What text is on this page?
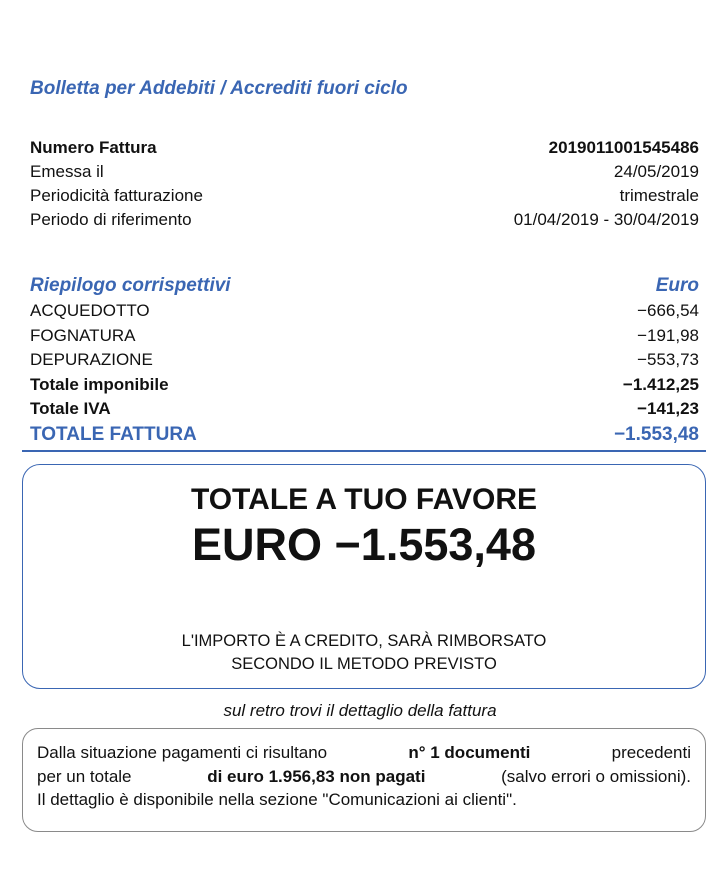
Bolletta per Addebiti / Accrediti fuori ciclo
Numero Fattura	2019011001545486
Emessa il	24/05/2019
Periodicità fatturazione	trimestrale
Periodo di riferimento	01/04/2019 - 30/04/2019
Riepilogo corrispettivi	Euro
ACQUEDOTTO	−666,54
FOGNATURA	−191,98
DEPURAZIONE	−553,73
Totale imponibile	−1.412,25
Totale IVA	−141,23
TOTALE FATTURA	−1.553,48
TOTALE A TUO FAVORE
EURO −1.553,48
L'IMPORTO È A CREDITO, SARÀ RIMBORSATO
SECONDO IL METODO PREVISTO
sul retro trovi il dettaglio della fattura
Dalla situazione pagamenti ci risultano	n° 1 documenti	precedenti
per un totale	di euro 1.956,83 non pagati	(salvo errori o omissioni).
Il dettaglio è disponibile nella sezione "Comunicazioni ai clienti".
